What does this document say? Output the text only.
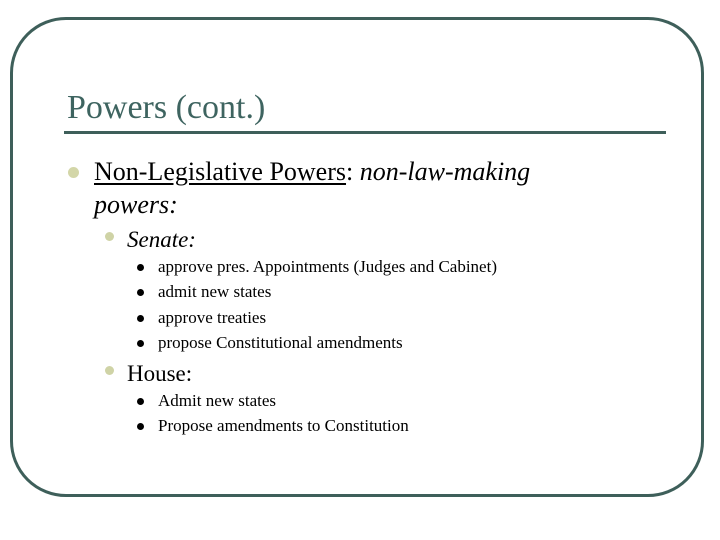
Powers (cont.)
Non-Legislative Powers: non-law-making
powers:
Senate:
approve pres. Appointments (Judges and Cabinet)
admit new states
approve treaties
propose Constitutional amendments
House:
Admit new states
Propose amendments to Constitution
